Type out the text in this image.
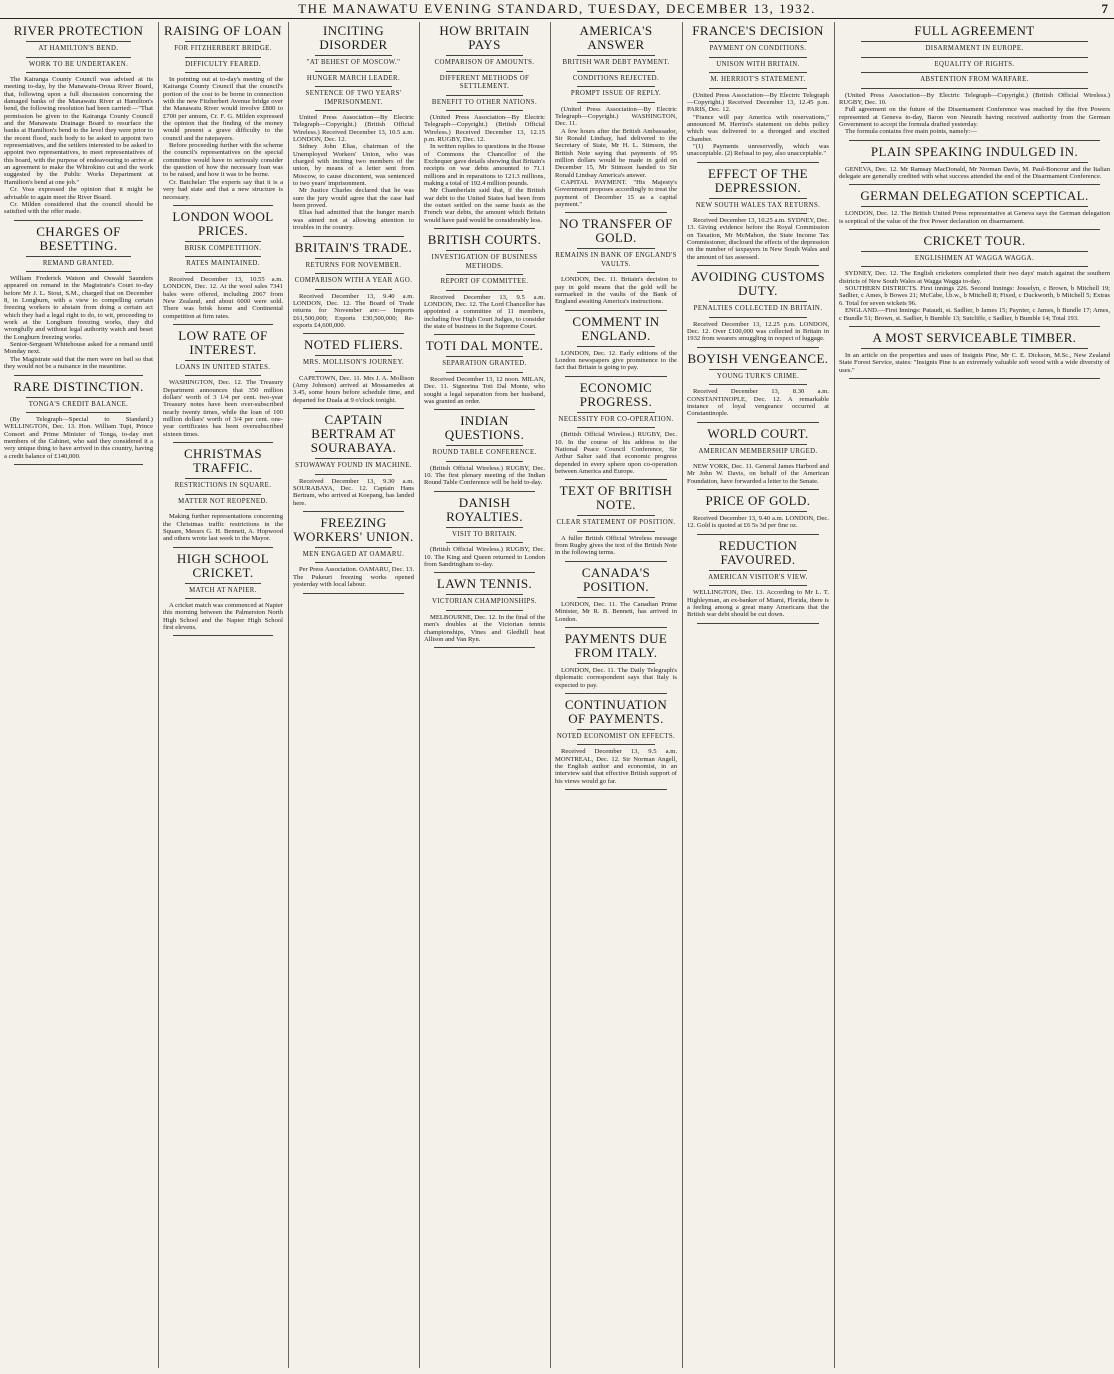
THE MANAWATU EVENING STANDARD, TUESDAY, DECEMBER 13, 1932.	7
RIVER PROTECTION
AT HAMILTON'S BEND.
WORK TO BE UNDERTAKEN.

The Kairanga County Council was advised at its meeting to-day, by the Manawatu-Oroua River Board, that, following upon a full discussion concerning the damaged banks of the Manawatu River at Hamilton's bend, the following resolution had been carried:—"That permission be given to the Kairanga County Council and the Manawatu Drainage Board to resurface the banks at Hamilton's bend to the level they were prior to the recent flood, such body to be asked to appoint two representatives, and the settlers interested to be asked to appoint two representatives, to meet representatives of this board, with the purpose of endeavouring to arrive at an agreement to make the Whirokino cut and the work suggested by the Public Works Department at Hamilton's bend at one job."

Cr. Voss expressed the opinion that it might be advisable to again meet the River Board.

Cr. Milden considered that the council should be satisfied with the offer made.

CHARGES OF BESETTING.
REMAND GRANTED.

William Frederick Watson and Oswald Saunders appeared on remand in the Magistrate's Court to-day before Mr J. L. Stout, S.M., charged that on December 8, in Longburn, with a view to compelling certain freezing workers to abstain from doing a certain act which they had a legal right to do, to wit, proceeding to work at the Longburn freezing works, they did wrongfully and without legal authority watch and beset the Longburn freezing works.

Senior-Sergeant Whitehouse asked for a remand until Monday next.

The Magistrate said that the men were on bail so that they would not be a nuisance in the meantime.

RARE DISTINCTION.
TONGA'S CREDIT BALANCE.

(By Telegraph—Special to Standard.) WELLINGTON, Dec. 13. Hon. William Tupi, Prince Consort and Prime Minister of Tonga, to-day met members of the Cabinet, who said they considered it a very unique thing to have arrived in this country, having a credit balance of £140,000.

RAISING OF LOAN
FOR FITZHERBERT BRIDGE.
DIFFICULTY FEARED.

In pointing out at to-day's meeting of the Kairanga County Council that the council's portion of the cost to be borne in connection with the new Fitzherbert Avenue bridge over the Manawatu River would involve £800 to £700 per annum, Cr. F. G. Milden expressed the opinion that the finding of the money would present a grave difficulty to the council and the ratepayers.

Before proceeding further with the scheme the council's representatives on the special committee would have to seriously consider the question of how the necessary loan was to be raised, and how it was to be borne.

Cr. Batchelar: The experts say that it is a very bad state and that a new structure is necessary.

LONDON WOOL PRICES.
BRISK COMPETITION.
RATES MAINTAINED.

Received December 13, 10.55 a.m. LONDON, Dec. 12. At the wool sales 7341 bales were offered, including 2067 from New Zealand, and about 6000 were sold. There was brisk home and Continental competition at firm rates.

LOW RATE OF INTEREST.
LOANS IN UNITED STATES.

WASHINGTON, Dec. 12. The Treasury Department announces that 350 million dollars' worth of 3 1/4 per cent. two-year Treasury notes have been over-subscribed nearly twenty times, while the loan of 100 million dollars' worth of 3/4 per cent. one-year certificates has been oversubscribed sixteen times.

CHRISTMAS TRAFFIC.
RESTRICTIONS IN SQUARE.
MATTER NOT REOPENED.

Making further representations concerning the Christmas traffic restrictions in the Square, Messrs G. H. Bennett, A. Hopwood and others wrote last week to the Mayor.

HIGH SCHOOL CRICKET.
MATCH AT NAPIER.

A cricket match was commenced at Napier this morning between the Palmerston North High School and the Napier High School first elevens.

INCITING DISORDER
"AT BEHEST OF MOSCOW."
HUNGER MARCH LEADER.
SENTENCE OF TWO YEARS' IMPRISONMENT.

United Press Association—By Electric Telegraph—Copyright.) (British Official Wireless.) Received December 13, 10.5 a.m. LONDON, Dec. 12.

Sidney John Elias, chairman of the Unemployed Workers' Union, who was charged with inciting two members of the union, by means of a letter sent from Moscow, to cause discontent, was sentenced to two years' imprisonment.

Mr Justice Charles declared that he was sure the jury would agree that the case had been proved.

Elias had admitted that the hunger march was aimed not at allowing attention to troubles in the country.

BRITAIN'S TRADE.
RETURNS FOR NOVEMBER.
COMPARISON WITH A YEAR AGO.

Received December 13, 9.40 a.m. LONDON, Dec. 12. The Board of Trade returns for November are:— Imports £61,500,000; Exports £30,500,000; Re-exports £4,600,000.

NOTED FLIERS.
MRS. MOLLISON'S JOURNEY.

CAPETOWN, Dec. 11. Mrs J. A. Mollison (Amy Johnson) arrived at Mossamedes at 3.45, some hours before schedule time, and departed for Duala at 9 o'clock tonight.

CAPTAIN BERTRAM AT SOURABAYA.
STOWAWAY FOUND IN MACHINE.

Received December 13, 9.30 a.m. SOURABAYA, Dec. 12. Captain Hans Bertram, who arrived at Koepang, has landed here.

FREEZING WORKERS' UNION.
MEN ENGAGED AT OAMARU.

Per Press Association. OAMARU, Dec. 13. The Pukeuri freezing works opened yesterday with local labour.

HOW BRITAIN PAYS
COMPARISON OF AMOUNTS.
DIFFERENT METHODS OF SETTLEMENT.
BENEFIT TO OTHER NATIONS.

(United Press Association—By Electric Telegraph—Copyright.) (British Official Wireless.) Received December 13, 12.15 p.m. RUGBY, Dec. 12.

In written replies to questions in the House of Commons the Chancellor of the Exchequer gave details showing that Britain's receipts on war debts amounted to 71.1 millions and in reparations to 121.3 millions, making a total of 192.4 million pounds.

Mr Chamberlain said that, if the British war debt to the United States had been from the outset settled on the same basis as the French war debts, the amount which Britain would have paid would be considerably less.

BRITISH COURTS.
INVESTIGATION OF BUSINESS METHODS.
REPORT OF COMMITTEE.

Received December 13, 9.5 a.m. LONDON, Dec. 12. The Lord Chancellor has appointed a committee of 11 members, including five High Court Judges, to consider the state of business in the Supreme Court.

TOTI DAL MONTE.
SEPARATION GRANTED.

Received December 13, 12 noon. MILAN, Dec. 11. Signorina Toti Dal Monte, who sought a legal separation from her husband, was granted an order.

INDIAN QUESTIONS.
ROUND TABLE CONFERENCE.

(British Official Wireless.) RUGBY, Dec. 10. The first plenary meeting of the Indian Round Table Conference will be held to-day.

DANISH ROYALTIES.
VISIT TO BRITAIN.

(British Official Wireless.) RUGBY, Dec. 10. The King and Queen returned to London from Sandringham to-day.

LAWN TENNIS.
VICTORIAN CHAMPIONSHIPS.

MELBOURNE, Dec. 12. In the final of the men's doubles at the Victorian tennis championships, Vines and Gledhill beat Allison and Van Ryn.

AMERICA'S ANSWER
BRITISH WAR DEBT PAYMENT.
CONDITIONS REJECTED.
PROMPT ISSUE OF REPLY.

(United Press Association—By Electric Telegraph—Copyright.) WASHINGTON, Dec. 11.

A few hours after the British Ambassador, Sir Ronald Lindsay, had delivered to the Secretary of State, Mr H. L. Stimson, the British Note saying that payments of 95 million dollars would be made in gold on December 15, Mr Stimson handed to Sir Ronald Lindsay America's answer.

CAPITAL PAYMENT. "His Majesty's Government proposes accordingly to treat the payment of December 15 as a capital payment."

NO TRANSFER OF GOLD.
REMAINS IN BANK OF ENGLAND'S VAULTS.

LONDON, Dec. 11. Britain's decision to pay in gold means that the gold will be earmarked in the vaults of the Bank of England awaiting America's instructions.

COMMENT IN ENGLAND.

LONDON, Dec. 12. Early editions of the London newspapers give prominence to the fact that Britain is going to pay.

ECONOMIC PROGRESS.
NECESSITY FOR CO-OPERATION.

(British Official Wireless.) RUGBY, Dec. 10. In the course of his address to the National Peace Council Conference, Sir Arthur Salter said that economic progress depended in every sphere upon co-operation between America and Europe.

TEXT OF BRITISH NOTE.
CLEAR STATEMENT OF POSITION.

A fuller British Official Wireless message from Rugby gives the text of the British Note in the following terms.

CANADA'S POSITION.

LONDON, Dec. 11. The Canadian Prime Minister, Mr R. B. Bennett, has arrived in London.

PAYMENTS DUE FROM ITALY.

LONDON, Dec. 11. The Daily Telegraph's diplomatic correspondent says that Italy is expected to pay.

CONTINUATION OF PAYMENTS.
NOTED ECONOMIST ON EFFECTS.

Received December 13, 9.5 a.m. MONTREAL, Dec. 12. Sir Norman Angell, the English author and economist, in an interview said that effective British support of his views would go far.

FRANCE'S DECISION
PAYMENT ON CONDITIONS.
UNISON WITH BRITAIN.
M. HERRIOT'S STATEMENT.

(United Press Association—By Electric Telegraph—Copyright.) Received December 13, 12.45 p.m. PARIS, Dec. 12.

"France will pay America with reservations," announced M. Herriot's statement on debts policy which was delivered to a thronged and excited Chamber.

"(1) Payments unreservedly, which was unacceptable. (2) Refusal to pay, also unacceptable."

EFFECT OF THE DEPRESSION.
NEW SOUTH WALES TAX RETURNS.

Received December 13, 10.25 a.m. SYDNEY, Dec. 13. Giving evidence before the Royal Commission on Taxation, Mr McMahon, the State Income Tax Commissioner, disclosed the effects of the depression on the number of taxpayers in New South Wales and the amount of tax assessed.

AVOIDING CUSTOMS DUTY.
PENALTIES COLLECTED IN BRITAIN.

Received December 13, 12.25 p.m. LONDON, Dec. 12. Over £100,000 was collected in Britain in 1932 from wearers smuggling in respect of luggage.

BOYISH VENGEANCE.
YOUNG TURK'S CRIME.

Received December 13, 8.30 a.m. CONSTANTINOPLE, Dec. 12. A remarkable instance of loyal vengeance occurred at Constantinople.

WORLD COURT.
AMERICAN MEMBERSHIP URGED.

NEW YORK, Dec. 11. General James Harbord and Mr John W. Davis, on behalf of the American Foundation, have forwarded a letter to the Senate.

PRICE OF GOLD.

Received December 13, 9.40 a.m. LONDON, Dec. 12. Gold is quoted at £6 5s 3d per fine oz.

REDUCTION FAVOURED.
AMERICAN VISITOR'S VIEW.

WELLINGTON, Dec. 13. According to Mr L. T. Highleyman, an ex-banker of Miami, Florida, there is a feeling among a great many Americans that the British war debt should be cut down.

FULL AGREEMENT
DISARMAMENT IN EUROPE.
EQUALITY OF RIGHTS.
ABSTENTION FROM WARFARE.

(United Press Association—By Electric Telegraph—Copyright.) (British Official Wireless.) RUGBY, Dec. 10.

Full agreement on the future of the Disarmament Conference was reached by the five Powers represented at Geneva to-day, Baron von Neurath having received authority from the German Government to accept the formula drafted yesterday.

The formula contains five main points, namely:—

PLAIN SPEAKING INDULGED IN.

GENEVA, Dec. 12. Mr Ramsay MacDonald, Mr Norman Davis, M. Paul-Boncour and the Italian delegate are generally credited with what success attended the end of the Disarmament Conference.

GERMAN DELEGATION SCEPTICAL.

LONDON, Dec. 12. The British United Press representative at Geneva says the German delegation is sceptical of the value of the five Power declaration on disarmament.

CRICKET TOUR.
ENGLISHMEN AT WAGGA WAGGA.

SYDNEY, Dec. 12. The English cricketers completed their two days' match against the southern districts of New South Wales at Wagga Wagga to-day.

SOUTHERN DISTRICTS. First innings 226. Second Innings: Josselyn, c Brown, b Mitchell 19; Sadlier, c Ames, b Bowes 21; McCabe, l.b.w., b Mitchell 8; Fixed, c Duckworth, b Mitchell 5; Extras 6. Total for seven wickets 96.

ENGLAND.—First Innings: Pataudi, st. Sadlier, b James 15; Paynter, c James, b Bundle 17; Ames, c Bundle 51; Brown, st. Sadlier, b Bumble 13; Sutcliffe, c Sadlier, b Bumble 14; Total 193.

A MOST SERVICEABLE TIMBER.

In an article on the properties and uses of Insignis Pine, Mr C. E. Dickson, M.Sc., New Zealand State Forest Service, states: "Insignis Pine is an extremely valuable soft wood with a wide diversity of uses."
